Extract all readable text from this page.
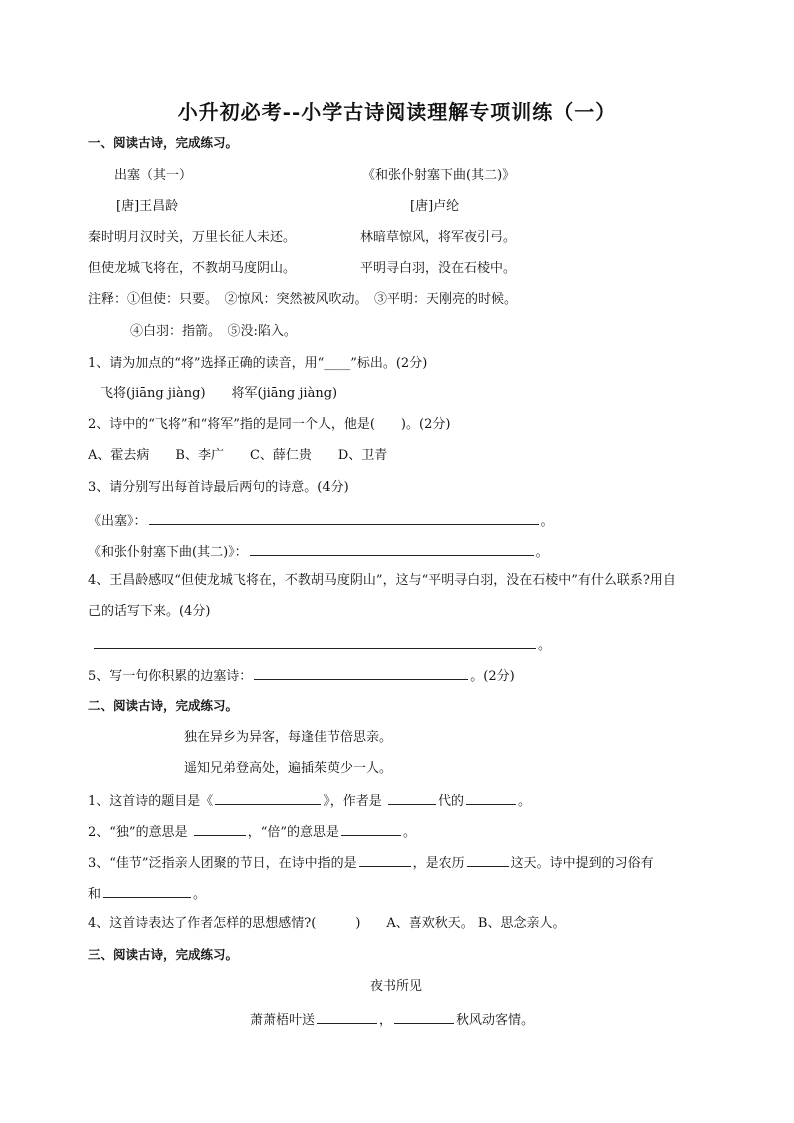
小升初必考--小学古诗阅读理解专项训练（一）
一、阅读古诗，完成练习。
出塞（其一）	《和张仆射塞下曲(其二)》
[唐]王昌龄	[唐]卢纶
秦时明月汉时关，万里长征人未还。	林暗草惊风，将军夜引弓。
但使龙城飞将在，不教胡马度阴山。	平明寻白羽，没在石棱中。
注释：①但使：只要。　②惊风：突然被风吹动。　③平明：天刚亮的时候。
④白羽：指箭。　⑤没:陷入。
1、请为加点的“将”选择正确的读音，用“____”标出。(2分)
飞将(jiāng jiàng)　　将军(jiāng jiàng)
2、诗中的“飞将”和“将军”指的是同一个人，他是(　　)。(2分)
A、霍去病　　B、李广　　C、薛仁贵　　D、卫青
3、请分别写出每首诗最后两句的诗意。(4分)
《出塞》：	。
《和张仆射塞下曲(其二)》：	。
4、王昌龄感叹“但使龙城飞将在，不教胡马度阴山”，这与“平明寻白羽，没在石棱中”有什么联系?用自
己的话写下来。(4分)
。
5、写一句你积累的边塞诗：	。(2分)
二、阅读古诗，完成练习。
独在异乡为异客，每逢佳节倍思亲。
遥知兄弟登高处，遍插茱萸少一人。
1、这首诗的题目是《	》，作者是	代的	。
2、“独”的意思是	，“倍”的意思是	。
3、“佳节”泛指亲人团聚的节日，在诗中指的是	，是农历	这天。诗中提到的习俗有
和	。
4、这首诗表达了作者怎样的思想感情?(　　　)　　A、喜欢秋天。 B、思念亲人。
三、阅读古诗，完成练习。
夜书所见
萧萧梧叶送	，	秋风动客情。
